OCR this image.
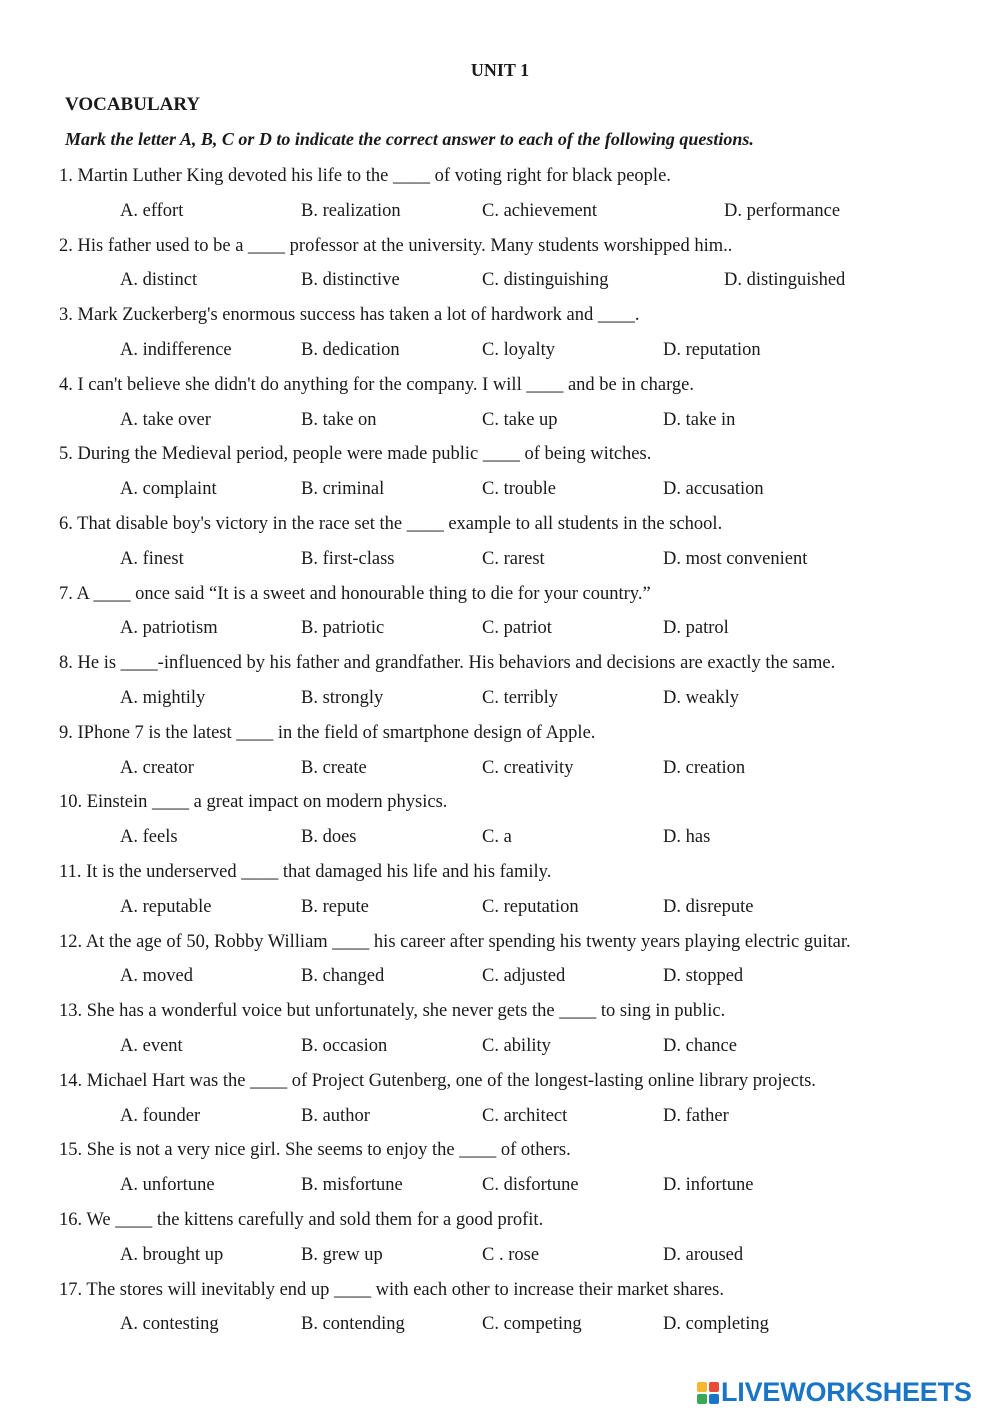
UNIT 1
VOCABULARY
Mark the letter A, B, C or D to indicate the correct answer to each of the following questions.
1. Martin Luther King devoted his life to the ____ of voting right for black people.
A. effort	B. realization	C. achievement	D. performance
2. His father used to be a ____ professor at the university. Many students worshipped him..
A. distinct	B. distinctive	C. distinguishing	D. distinguished
3. Mark Zuckerberg's enormous success has taken a lot of hardwork and ____.
A. indifference	B. dedication	C. loyalty	D. reputation
4. I can't believe she didn't do anything for the company. I will ____ and be in charge.
A. take over	B. take on	C. take up	D. take in
5. During the Medieval period, people were made public ____ of being witches.
A. complaint	B. criminal	C. trouble	D. accusation
6. That disable boy's victory in the race set the ____ example to all students in the school.
A. finest	B. first-class	C. rarest	D. most convenient
7. A ____ once said “It is a sweet and honourable thing to die for your country.”
A. patriotism	B. patriotic	C. patriot	D. patrol
8. He is ____-influenced by his father and grandfather. His behaviors and decisions are exactly the same.
A. mightily	B. strongly	C. terribly	D. weakly
9. IPhone 7 is the latest ____ in the field of smartphone design of Apple.
A. creator	B. create	C. creativity	D. creation
10. Einstein ____ a great impact on modern physics.
A. feels	B. does	C. a	D. has
11. It is the underserved ____ that damaged his life and his family.
A. reputable	B. repute	C. reputation	D. disrepute
12. At the age of 50, Robby William ____ his career after spending his twenty years playing electric guitar.
A. moved	B. changed	C. adjusted	D. stopped
13. She has a wonderful voice but unfortunately, she never gets the ____ to sing in public.
A. event	B. occasion	C. ability	D. chance
14. Michael Hart was the ____ of Project Gutenberg, one of the longest-lasting online library projects.
A. founder	B. author	C. architect	D. father
15. She is not a very nice girl. She seems to enjoy the ____ of others.
A. unfortune	B. misfortune	C. disfortune	D. infortune
16. We ____ the kittens carefully and sold them for a good profit.
A. brought up	B. grew up	C . rose	D. aroused
17. The stores will inevitably end up ____ with each other to increase their market shares.
A. contesting	B. contending	C. competing	D. completing
LIVEWORKSHEETS
